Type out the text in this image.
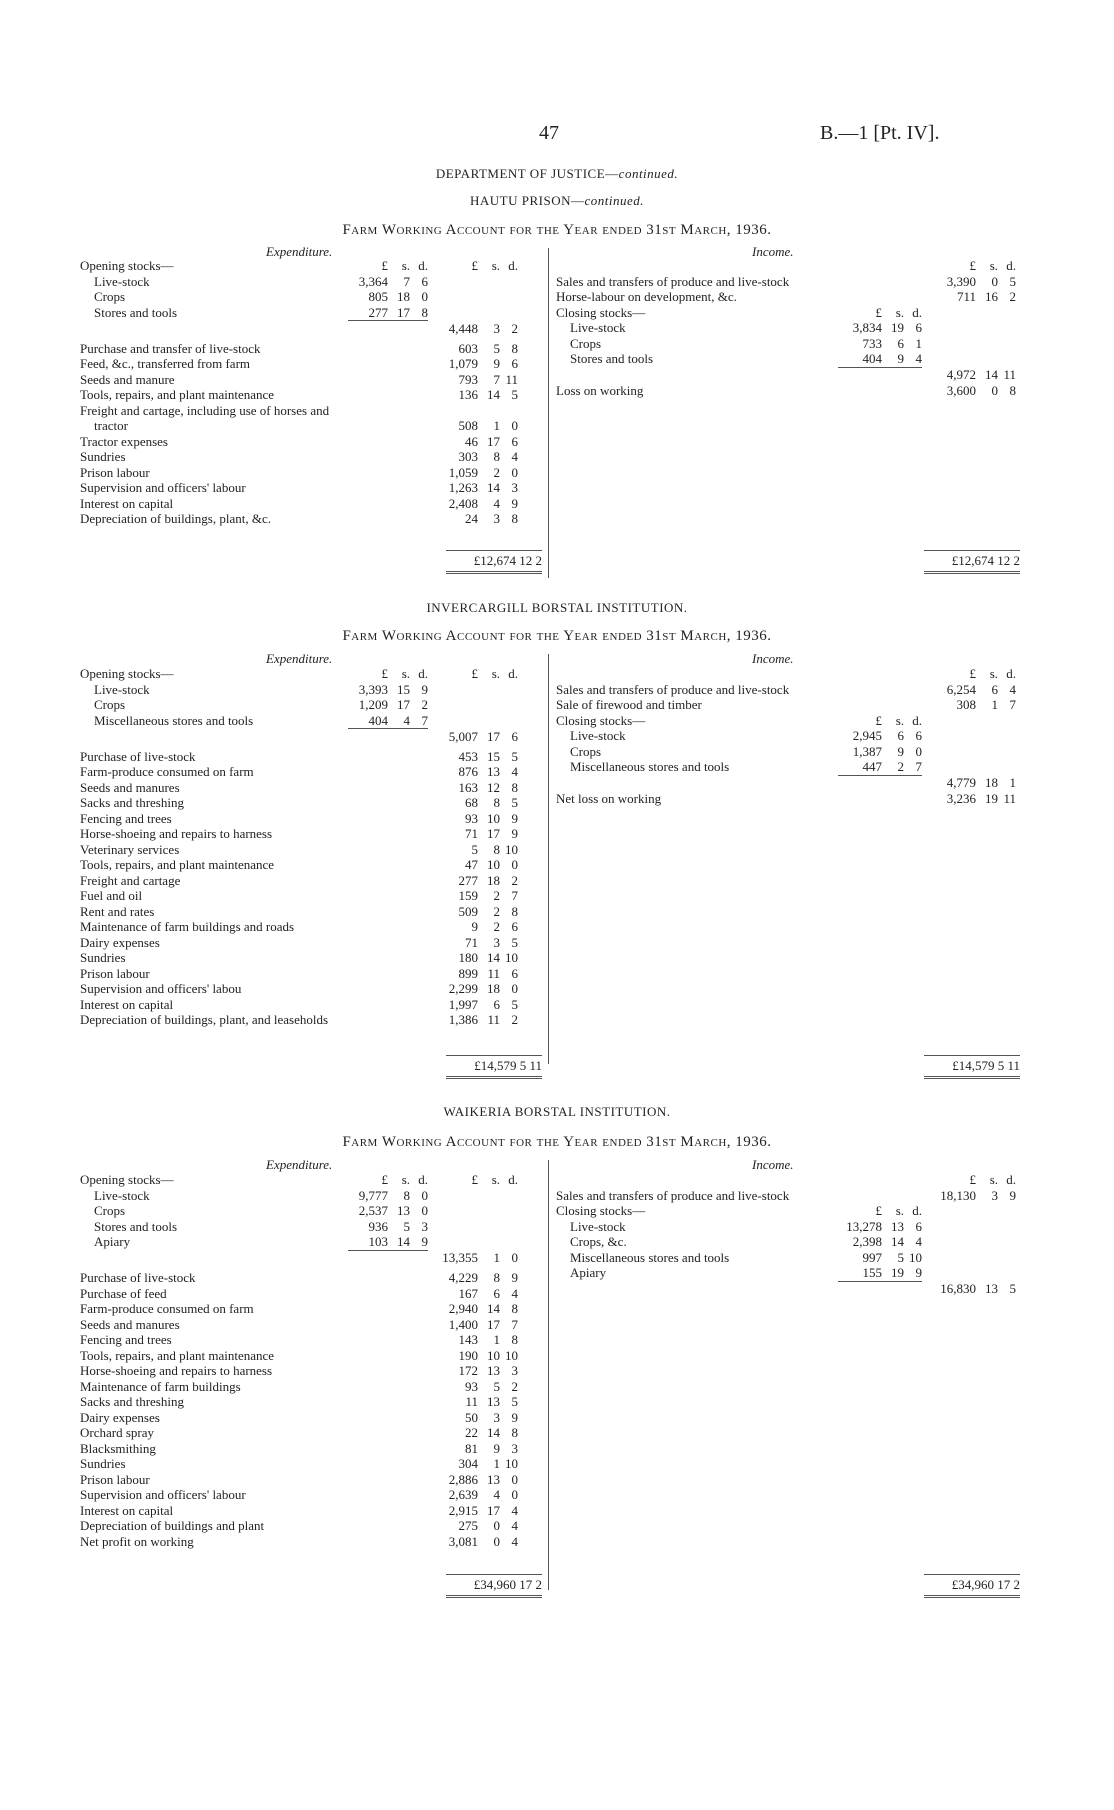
47	B.—1 [Pt. IV].
DEPARTMENT OF JUSTICE—continued.
HAUTU PRISON—continued.
Farm Working Account for the Year ended 31st March, 1936.
Expenditure.	Income.
Opening stocks—	£	s.	d.	£	s.	d.
Live-stock	3,364	7	6			
Crops	805	18	0			
Stores and tools	277	17	8			
				4,448	3	2

Purchase and transfer of live-stock				603	5	8
Feed, &c., transferred from farm				1,079	9	6
Seeds and manure				793	7	11
Tools, repairs, and plant maintenance				136	14	5
Freight and cartage, including use of horses and						
tractor				508	1	0
Tractor expenses				46	17	6
Sundries				303	8	4
Prison labour				1,059	2	0
Supervision and officers' labour				1,263	14	3
Interest on capital				2,408	4	9
Depreciation of buildings, plant, &c.				24	3	8
£12,674 12 2
				£	s.	d.
Sales and transfers of produce and live-stock				3,390	0	5
Horse-labour on development, &c.				711	16	2
Closing stocks—	£	s.	d.			
Live-stock	3,834	19	6			
Crops	733	6	1			
Stores and tools	404	9	4			
				4,972	14	11
Loss on working				3,600	0	8
£12,674 12 2
INVERCARGILL BORSTAL INSTITUTION.
Farm Working Account for the Year ended 31st March, 1936.
Expenditure.	Income.
Opening stocks—	£	s.	d.	£	s.	d.
Live-stock	3,393	15	9			
Crops	1,209	17	2			
Miscellaneous stores and tools	404	4	7			
				5,007	17	6

Purchase of live-stock				453	15	5
Farm-produce consumed on farm				876	13	4
Seeds and manures				163	12	8
Sacks and threshing				68	8	5
Fencing and trees				93	10	9
Horse-shoeing and repairs to harness				71	17	9
Veterinary services				5	8	10
Tools, repairs, and plant maintenance				47	10	0
Freight and cartage				277	18	2
Fuel and oil				159	2	7
Rent and rates				509	2	8
Maintenance of farm buildings and roads				9	2	6
Dairy expenses				71	3	5
Sundries				180	14	10
Prison labour				899	11	6
Supervision and officers' labou				2,299	18	0
Interest on capital				1,997	6	5
Depreciation of buildings, plant, and leaseholds				1,386	11	2
£14,579 5 11
				£	s.	d.
Sales and transfers of produce and live-stock				6,254	6	4
Sale of firewood and timber				308	1	7
Closing stocks—	£	s.	d.			
Live-stock	2,945	6	6			
Crops	1,387	9	0			
Miscellaneous stores and tools	447	2	7			
				4,779	18	1
Net loss on working				3,236	19	11
£14,579 5 11
WAIKERIA BORSTAL INSTITUTION.
Farm Working Account for the Year ended 31st March, 1936.
Expenditure.	Income.
Opening stocks—	£	s.	d.	£	s.	d.
Live-stock	9,777	8	0			
Crops	2,537	13	0			
Stores and tools	936	5	3			
Apiary	103	14	9			
				13,355	1	0

Purchase of live-stock				4,229	8	9
Purchase of feed				167	6	4
Farm-produce consumed on farm				2,940	14	8
Seeds and manures				1,400	17	7
Fencing and trees				143	1	8
Tools, repairs, and plant maintenance				190	10	10
Horse-shoeing and repairs to harness				172	13	3
Maintenance of farm buildings				93	5	2
Sacks and threshing				11	13	5
Dairy expenses				50	3	9
Orchard spray				22	14	8
Blacksmithing				81	9	3
Sundries				304	1	10
Prison labour				2,886	13	0
Supervision and officers' labour				2,639	4	0
Interest on capital				2,915	17	4
Depreciation of buildings and plant				275	0	4
Net profit on working				3,081	0	4
£34,960 17 2
				£	s.	d.
Sales and transfers of produce and live-stock				18,130	3	9
Closing stocks—	£	s.	d.			
Live-stock	13,278	13	6			
Crops, &c.	2,398	14	4			
Miscellaneous stores and tools	997	5	10			
Apiary	155	19	9			
				16,830	13	5
£34,960 17 2
